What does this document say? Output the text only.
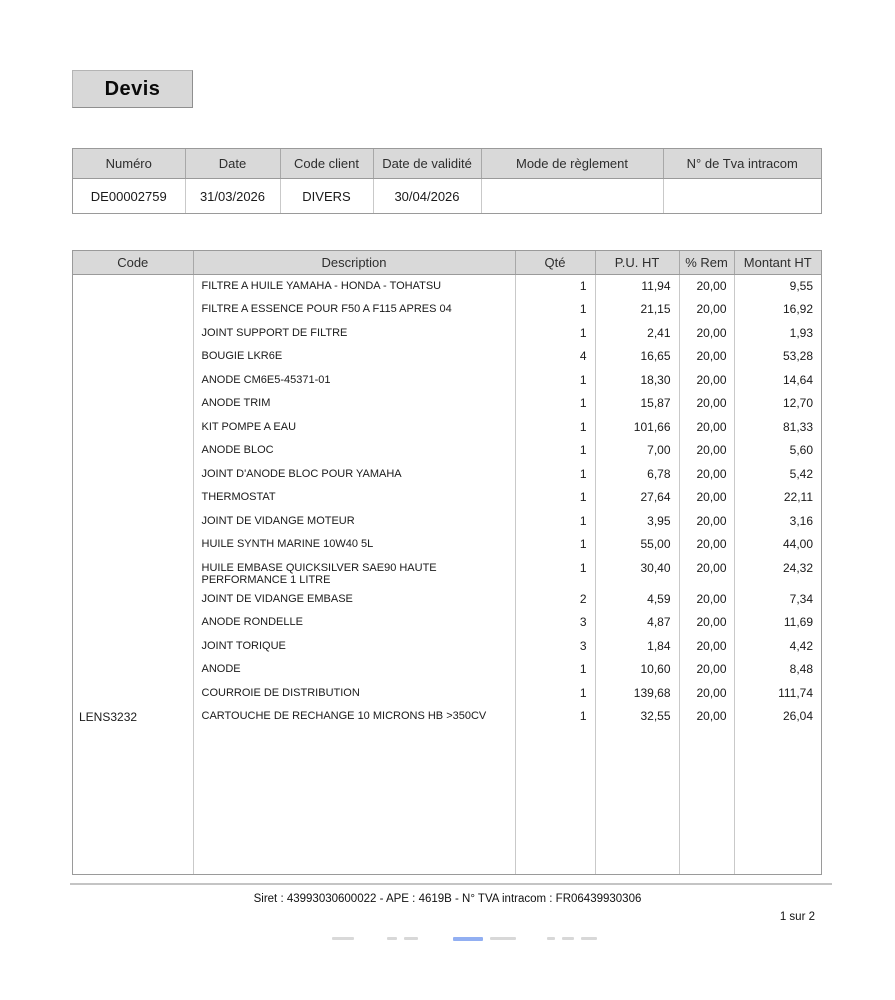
Devis
Numéro	Date	Code client	Date de validité	Mode de règlement	N° de Tva intracom
DE00002759	31/03/2026	DIVERS	30/04/2026		
Code	Description	Qté	P.U. HT	% Rem	Montant HT
	FILTRE A HUILE YAMAHA - HONDA - TOHATSU	1	11,94	20,00	9,55
	FILTRE A ESSENCE POUR F50 A F115 APRES 04	1	21,15	20,00	16,92
	JOINT SUPPORT DE FILTRE	1	2,41	20,00	1,93
	BOUGIE LKR6E	4	16,65	20,00	53,28
	ANODE CM6E5-45371-01	1	18,30	20,00	14,64
	ANODE TRIM	1	15,87	20,00	12,70
	KIT POMPE A EAU	1	101,66	20,00	81,33
	ANODE BLOC	1	7,00	20,00	5,60
	JOINT D'ANODE BLOC POUR YAMAHA	1	6,78	20,00	5,42
	THERMOSTAT	1	27,64	20,00	22,11
	JOINT DE VIDANGE MOTEUR	1	3,95	20,00	3,16
	HUILE SYNTH MARINE 10W40 5L	1	55,00	20,00	44,00
	HUILE EMBASE QUICKSILVER SAE90 HAUTE PERFORMANCE 1 LITRE	1	30,40	20,00	24,32
	JOINT DE VIDANGE EMBASE	2	4,59	20,00	7,34
	ANODE RONDELLE	3	4,87	20,00	11,69
	JOINT TORIQUE	3	1,84	20,00	4,42
	ANODE	1	10,60	20,00	8,48
	COURROIE DE DISTRIBUTION	1	139,68	20,00	111,74
LENS3232	CARTOUCHE DE RECHANGE 10 MICRONS HB >350CV	1	32,55	20,00	26,04

Siret : 43993030600022 - APE : 4619B - N° TVA intracom : FR06439930306
1 sur 2
